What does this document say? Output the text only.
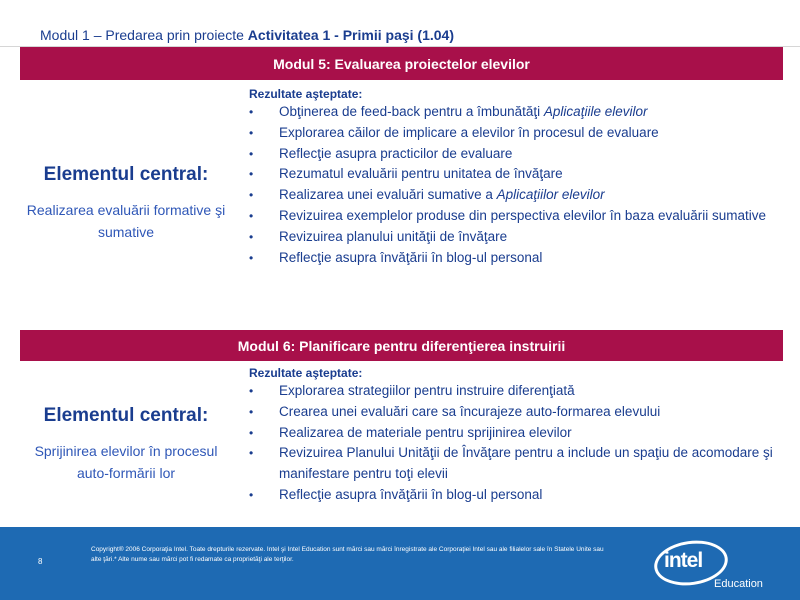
Modul 1 – Predarea prin proiecte Activitatea 1 - Primii paşi (1.04)
Modul 5: Evaluarea proiectelor elevilor
Elementul central:
Realizarea evaluării formative şi sumative
Rezultate aşteptate:
• Obţinerea de feed-back pentru a îmbunătăţi Aplicaţiile elevilor
• Explorarea căilor de implicare a elevilor în procesul de evaluare
• Reflecţie asupra practicilor de evaluare
• Rezumatul evaluării pentru unitatea de învăţare
• Realizarea unei evaluări sumative a Aplicaţiilor elevilor
• Revizuirea exemplelor produse din perspectiva elevilor în baza evaluării sumative
• Revizuirea planului unităţii de învăţare
• Reflecţie asupra învăţării în blog-ul personal
Modul 6: Planificare pentru diferenţierea instruirii
Elementul central:
Sprijinirea elevilor în procesul auto-formării lor
Rezultate aşteptate:
• Explorarea strategiilor pentru instruire diferenţiată
• Crearea unei evaluări care sa încurajeze auto-formarea elevului
• Realizarea de materiale pentru sprijinirea elevilor
• Revizuirea Planului Unităţii de Învăţare pentru a include un spaţiu de acomodare şi manifestare pentru toţi elevii
• Reflecţie asupra învăţării în blog-ul personal
8
Copyright® 2006 Corporaţia Intel. Toate drepturile rezervate. Intel şi Intel Education sunt mărci sau mărci înregistrate ale Corporaţiei Intel sau ale filialelor sale în Statele Unite sau alte ţări.* Alte nume sau mărci pot fi redamate ca proprietăţi ale terţilor.	intel
Education
